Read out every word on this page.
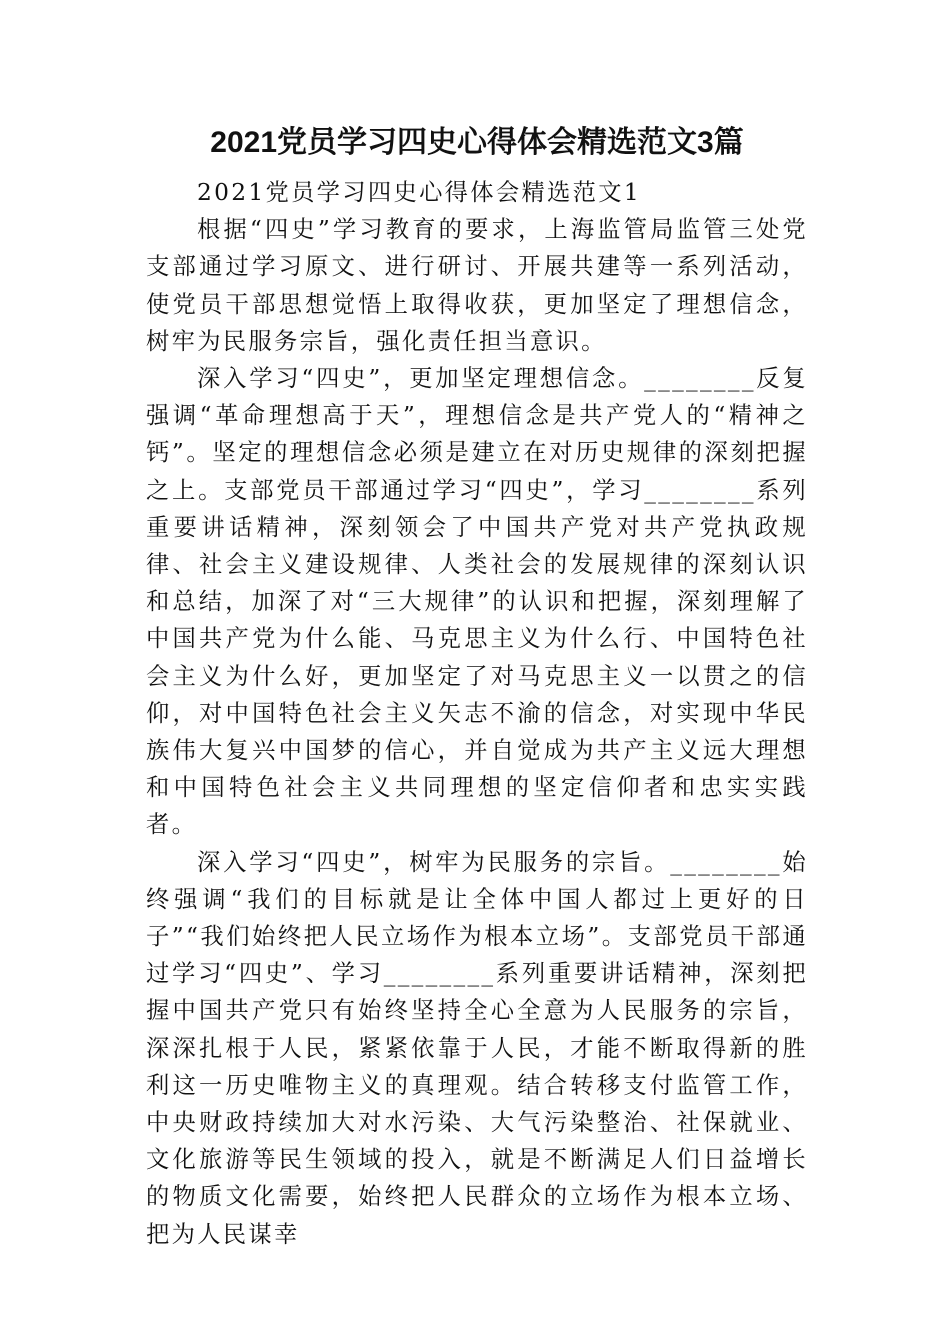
2021党员学习四史心得体会精选范文3篇

2021党员学习四史心得体会精选范文1

根据“四史”学习教育的要求，上海监管局监管三处党支部通过学习原文、进行研讨、开展共建等一系列活动，使党员干部思想觉悟上取得收获，更加坚定了理想信念，树牢为民服务宗旨，强化责任担当意识。

深入学习“四史”，更加坚定理想信念。________反复强调“革命理想高于天”，理想信念是共产党人的“精神之钙”。坚定的理想信念必须是建立在对历史规律的深刻把握之上。支部党员干部通过学习“四史”，学习________系列重要讲话精神，深刻领会了中国共产党对共产党执政规律、社会主义建设规律、人类社会的发展规律的深刻认识和总结，加深了对“三大规律”的认识和把握，深刻理解了中国共产党为什么能、马克思主义为什么行、中国特色社会主义为什么好，更加坚定了对马克思主义一以贯之的信仰，对中国特色社会主义矢志不渝的信念，对实现中华民族伟大复兴中国梦的信心，并自觉成为共产主义远大理想和中国特色社会主义共同理想的坚定信仰者和忠实实践者。

深入学习“四史”，树牢为民服务的宗旨。________始终强调“我们的目标就是让全体中国人都过上更好的日子”“我们始终把人民立场作为根本立场”。支部党员干部通过学习“四史”、学习________系列重要讲话精神，深刻把握中国共产党只有始终坚持全心全意为人民服务的宗旨，深深扎根于人民，紧紧依靠于人民，才能不断取得新的胜利这一历史唯物主义的真理观。结合转移支付监管工作，中央财政持续加大对水污染、大气污染整治、社保就业、文化旅游等民生领域的投入，就是不断满足人们日益增长的物质文化需要，始终把人民群众的立场作为根本立场、把为人民谋幸
